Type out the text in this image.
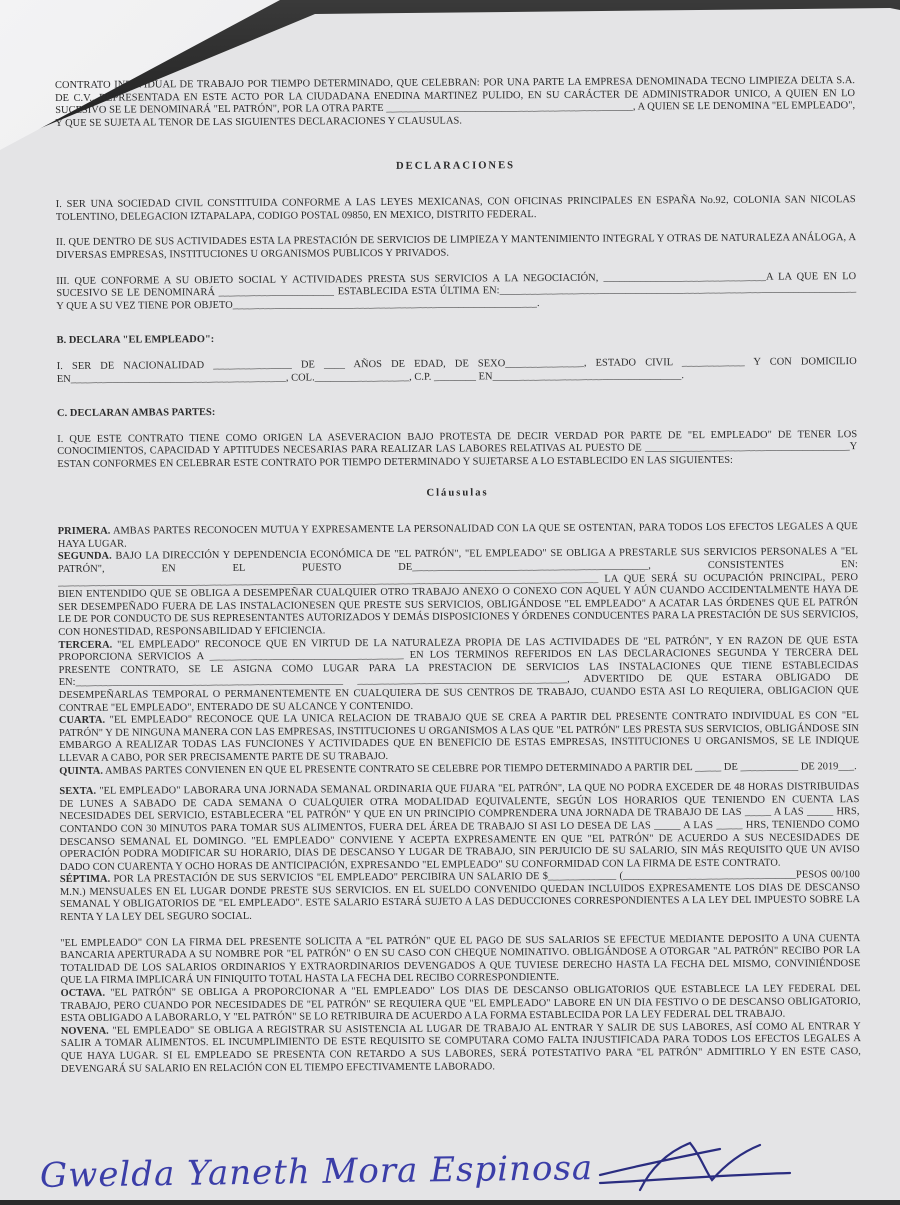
CONTRATO INDIVIDUAL DE TRABAJO POR TIEMPO DETERMINADO, QUE CELEBRAN: POR UNA PARTE LA EMPRESA DENOMINADA TECNO LIMPIEZA DELTA S.A. DE C.V., REPRESENTADA EN ESTE ACTO POR LA CIUDADANA ENEDINA MARTINEZ PULIDO, EN SU CARÁCTER DE ADMINISTRADOR UNICO, A QUIEN EN LO SUCESIVO SE LE DENOMINARÁ "EL PATRÓN", POR LA OTRA PARTE _______________________________________________, A QUIEN SE LE DENOMINA "EL EMPLEADO", Y QUE SE SUJETA AL TENOR DE LAS SIGUIENTES DECLARACIONES Y CLAUSULAS.

DECLARACIONES

I. SER UNA SOCIEDAD CIVIL CONSTITUIDA CONFORME A LAS LEYES MEXICANAS, CON OFICINAS PRINCIPALES EN ESPAÑA No.92, COLONIA SAN NICOLAS TOLENTINO, DELEGACION IZTAPALAPA, CODIGO POSTAL 09850, EN MEXICO, DISTRITO FEDERAL.

II. QUE DENTRO DE SUS ACTIVIDADES ESTA LA PRESTACIÓN DE SERVICIOS DE LIMPIEZA Y MANTENIMIENTO INTEGRAL Y OTRAS DE NATURALEZA ANÁLOGA, A DIVERSAS EMPRESAS, INSTITUCIONES U ORGANISMOS PUBLICOS Y PRIVADOS.

III. QUE CONFORME A SU OBJETO SOCIAL Y ACTIVIDADES PRESTA SUS SERVICIOS A LA NEGOCIACIÓN, _______________________________A LA QUE EN LO SUCESIVO SE LE DENOMINARÁ ______________________ ESTABLECIDA ESTA ÚLTIMA EN:____________________________________________________________________ Y QUE A SU VEZ TIENE POR OBJETO__________________________________________________________.

B. DECLARA "EL EMPLEADO":

I. SER DE NACIONALIDAD _______________ DE ____ AÑOS DE EDAD, DE SEXO_______________, ESTADO CIVIL ____________ Y CON DOMICILIO EN_________________________________________, COL.__________________, C.P. ________ EN____________________________________.

C. DECLARAN AMBAS PARTES:

I. QUE ESTE CONTRATO TIENE COMO ORIGEN LA ASEVERACION BAJO PROTESTA DE DECIR VERDAD POR PARTE DE "EL EMPLEADO" DE TENER LOS CONOCIMIENTOS, CAPACIDAD Y APTITUDES NECESARIAS PARA REALIZAR LAS LABORES RELATIVAS AL PUESTO DE _______________________________________Y ESTAN CONFORMES EN CELEBRAR ESTE CONTRATO POR TIEMPO DETERMINADO Y SUJETARSE A LO ESTABLECIDO EN LAS SIGUIENTES:

Cláusulas

PRIMERA. AMBAS PARTES RECONOCEN MUTUA Y EXPRESAMENTE LA PERSONALIDAD CON LA QUE SE OSTENTAN, PARA TODOS LOS EFECTOS LEGALES A QUE HAYA LUGAR.

SEGUNDA. BAJO LA DIRECCIÓN Y DEPENDENCIA ECONÓMICA DE "EL PATRÓN", "EL EMPLEADO" SE OBLIGA A PRESTARLE SUS SERVICIOS PERSONALES A "EL PATRÓN", EN EL PUESTO DE_____________________________________________, CONSISTENTES EN: _______________________________________________________________________________________________________ LA QUE SERÁ SU OCUPACIÓN PRINCIPAL, PERO BIEN ENTENDIDO QUE SE OBLIGA A DESEMPEÑAR CUALQUIER OTRO TRABAJO ANEXO O CONEXO CON AQUEL Y AÚN CUANDO ACCIDENTALMENTE HAYA DE SER DESEMPEÑADO FUERA DE LAS INSTALACIONESEN QUE PRESTE SUS SERVICIOS, OBLIGÁNDOSE "EL EMPLEADO" A ACATAR LAS ÓRDENES QUE EL PATRÓN LE DE POR CONDUCTO DE SUS REPRESENTANTES AUTORIZADOS Y DEMÁS DISPOSICIONES Y ÓRDENES CONDUCENTES PARA LA PRESTACIÓN DE SUS SERVICIOS, CON HONESTIDAD, RESPONSABILIDAD Y EFICIENCIA.

TERCERA. "EL EMPLEADO" RECONOCE QUE EN VIRTUD DE LA NATURALEZA PROPIA DE LAS ACTIVIDADES DE "EL PATRÓN", Y EN RAZON DE QUE ESTA PROPORCIONA SERVICIOS A _____________________________________ EN LOS TERMINOS REFERIDOS EN LAS DECLARACIONES SEGUNDA Y TERCERA DEL PRESENTE CONTRATO, SE LE ASIGNA COMO LUGAR PARA LA PRESTACION DE SERVICIOS LAS INSTALACIONES QUE TIENE ESTABLECIDAS EN:___________________________________________________ ________________________________________, ADVERTIDO DE QUE ESTARA OBLIGADO DE DESEMPEÑARLAS TEMPORAL O PERMANENTEMENTE EN CUALQUIERA DE SUS CENTROS DE TRABAJO, CUANDO ESTA ASI LO REQUIERA, OBLIGACION QUE CONTRAE "EL EMPLEADO", ENTERADO DE SU ALCANCE Y CONTENIDO.

CUARTA. "EL EMPLEADO" RECONOCE QUE LA UNICA RELACION DE TRABAJO QUE SE CREA A PARTIR DEL PRESENTE CONTRATO INDIVIDUAL ES CON "EL PATRÓN" Y DE NINGUNA MANERA CON LAS EMPRESAS, INSTITUCIONES U ORGANISMOS A LAS QUE "EL PATRÓN" LES PRESTA SUS SERVICIOS, OBLIGÁNDOSE SIN EMBARGO A REALIZAR TODAS LAS FUNCIONES Y ACTIVIDADES QUE EN BENEFICIO DE ESTAS EMPRESAS, INSTITUCIONES U ORGANISMOS, SE LE INDIQUE LLEVAR A CABO, POR SER PRECISAMENTE PARTE DE SU TRABAJO.

QUINTA. AMBAS PARTES CONVIENEN EN QUE EL PRESENTE CONTRATO SE CELEBRE POR TIEMPO DETERMINADO A PARTIR DEL _____ DE ___________ DE 2019___.

SEXTA. "EL EMPLEADO" LABORARA UNA JORNADA SEMANAL ORDINARIA QUE FIJARA "EL PATRÓN", LA QUE NO PODRA EXCEDER DE 48 HORAS DISTRIBUIDAS DE LUNES A SABADO DE CADA SEMANA O CUALQUIER OTRA MODALIDAD EQUIVALENTE, SEGÚN LOS HORARIOS QUE TENIENDO EN CUENTA LAS NECESIDADES DEL SERVICIO, ESTABLECERA "EL PATRÓN" Y QUE EN UN PRINCIPIO COMPRENDERA UNA JORNADA DE TRABAJO DE LAS _____ A LAS _____ HRS, CONTANDO CON 30 MINUTOS PARA TOMAR SUS ALIMENTOS, FUERA DEL ÁREA DE TRABAJO SI ASI LO DESEA DE LAS _____ A LAS _____ HRS, TENIENDO COMO DESCANSO SEMANAL EL DOMINGO. "EL EMPLEADO" CONVIENE Y ACEPTA EXPRESAMENTE EN QUE "EL PATRÓN" DE ACUERDO A SUS NECESIDADES DE OPERACIÓN PODRA MODIFICAR SU HORARIO, DIAS DE DESCANSO Y LUGAR DE TRABAJO, SIN PERJUICIO DE SU SALARIO, SIN MÁS REQUISITO QUE UN AVISO DADO CON CUARENTA Y OCHO HORAS DE ANTICIPACIÓN, EXPRESANDO "EL EMPLEADO" SU CONFORMIDAD CON LA FIRMA DE ESTE CONTRATO.

SÉPTIMA. POR LA PRESTACIÓN DE SUS SERVICIOS "EL EMPLEADO" PERCIBIRA UN SALARIO DE $_____________ (_________________________________PESOS 00/100 M.N.) MENSUALES EN EL LUGAR DONDE PRESTE SUS SERVICIOS. EN EL SUELDO CONVENIDO QUEDAN INCLUIDOS EXPRESAMENTE LOS DIAS DE DESCANSO SEMANAL Y OBLIGATORIOS DE "EL EMPLEADO". ESTE SALARIO ESTARÁ SUJETO A LAS DEDUCCIONES CORRESPONDIENTES A LA LEY DEL IMPUESTO SOBRE LA RENTA Y LA LEY DEL SEGURO SOCIAL.

"EL EMPLEADO" CON LA FIRMA DEL PRESENTE SOLICITA A "EL PATRÓN" QUE EL PAGO DE SUS SALARIOS SE EFECTUE MEDIANTE DEPOSITO A UNA CUENTA BANCARIA APERTURADA A SU NOMBRE POR "EL PATRÓN" O EN SU CASO CON CHEQUE NOMINATIVO. OBLIGÁNDOSE A OTORGAR "AL PATRÓN" RECIBO POR LA TOTALIDAD DE LOS SALARIOS ORDINARIOS Y EXTRAORDINARIOS DEVENGADOS A QUE TUVIESE DERECHO HASTA LA FECHA DEL MISMO, CONVINIÉNDOSE QUE LA FIRMA IMPLICARÁ UN FINIQUITO TOTAL HASTA LA FECHA DEL RECIBO CORRESPONDIENTE.

OCTAVA. "EL PATRÓN" SE OBLIGA A PROPORCIONAR A "EL EMPLEADO" LOS DIAS DE DESCANSO OBLIGATORIOS QUE ESTABLECE LA LEY FEDERAL DEL TRABAJO, PERO CUANDO POR NECESIDADES DE "EL PATRÓN" SE REQUIERA QUE "EL EMPLEADO" LABORE EN UN DIA FESTIVO O DE DESCANSO OBLIGATORIO, ESTA OBLIGADO A LABORARLO, Y "EL PATRÓN" SE LO RETRIBUIRA DE ACUERDO A LA FORMA ESTABLECIDA POR LA LEY FEDERAL DEL TRABAJO.

NOVENA. "EL EMPLEADO" SE OBLIGA A REGISTRAR SU ASISTENCIA AL LUGAR DE TRABAJO AL ENTRAR Y SALIR DE SUS LABORES, ASÍ COMO AL ENTRAR Y SALIR A TOMAR ALIMENTOS. EL INCUMPLIMIENTO DE ESTE REQUISITO SE COMPUTARA COMO FALTA INJUSTIFICADA PARA TODOS LOS EFECTOS LEGALES A QUE HAYA LUGAR. SI EL EMPLEADO SE PRESENTA CON RETARDO A SUS LABORES, SERÁ POTESTATIVO PARA "EL PATRÓN" ADMITIRLO Y EN ESTE CASO, DEVENGARÁ SU SALARIO EN RELACIÓN CON EL TIEMPO EFECTIVAMENTE LABORADO.

Gwelda Yaneth Mora Espinosa
